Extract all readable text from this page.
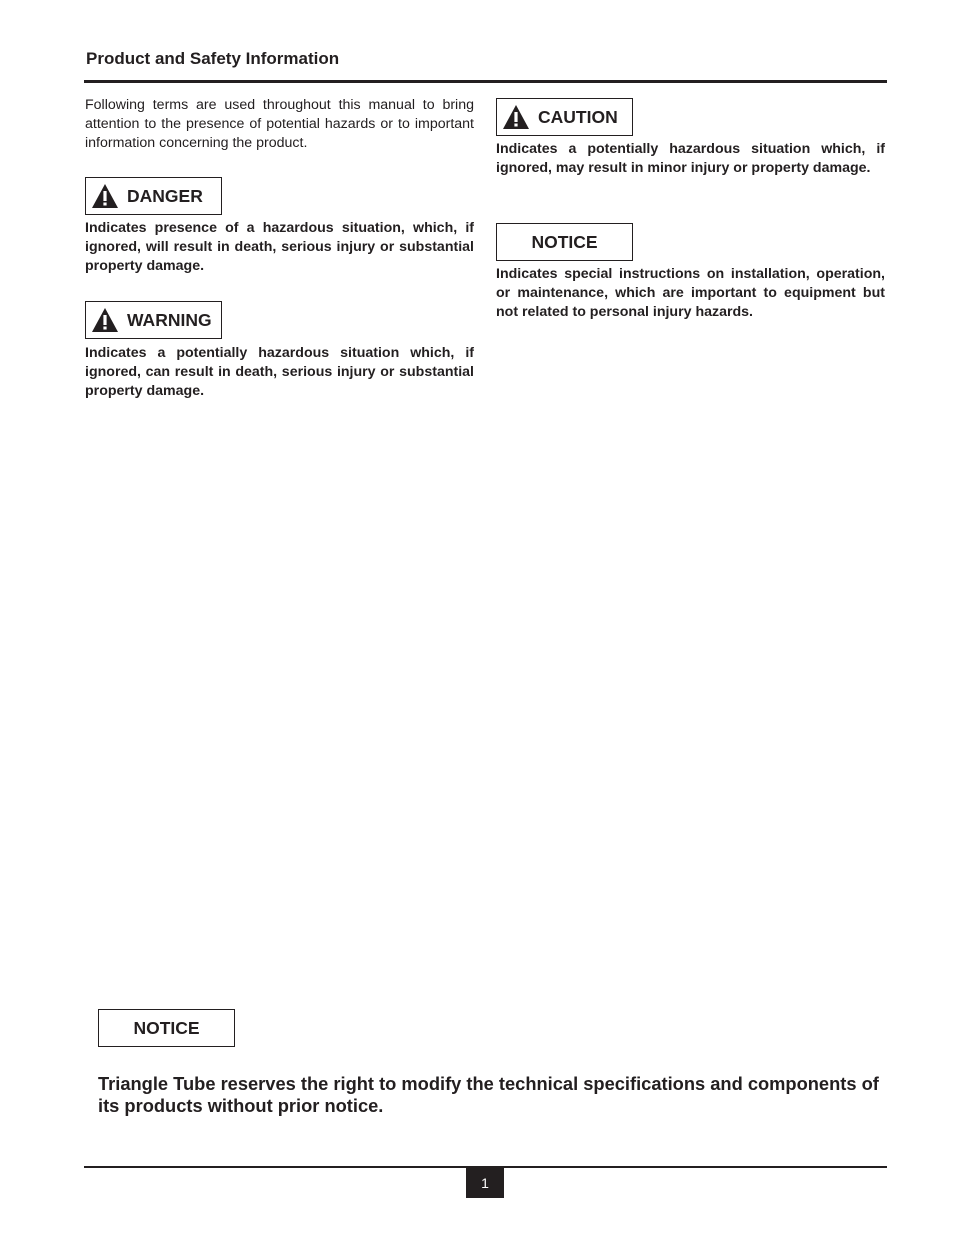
Product and Safety Information

Following terms are used throughout this manual to bring attention to the presence of potential hazards or to important information concerning the product.

DANGER

Indicates presence of a hazardous situation, which, if ignored, will result in death, serious injury or substantial property damage.

WARNING

Indicates a potentially hazardous situation which, if ignored, can result in death, serious injury or substantial property damage.

CAUTION

Indicates a potentially hazardous situation which, if ignored, may result in minor injury or property damage.

NOTICE

Indicates special instructions on installation, operation, or maintenance, which are important to equipment but not related to personal injury hazards.

NOTICE

Triangle Tube reserves the right to modify the technical specifications and components of its products without prior notice.

1
